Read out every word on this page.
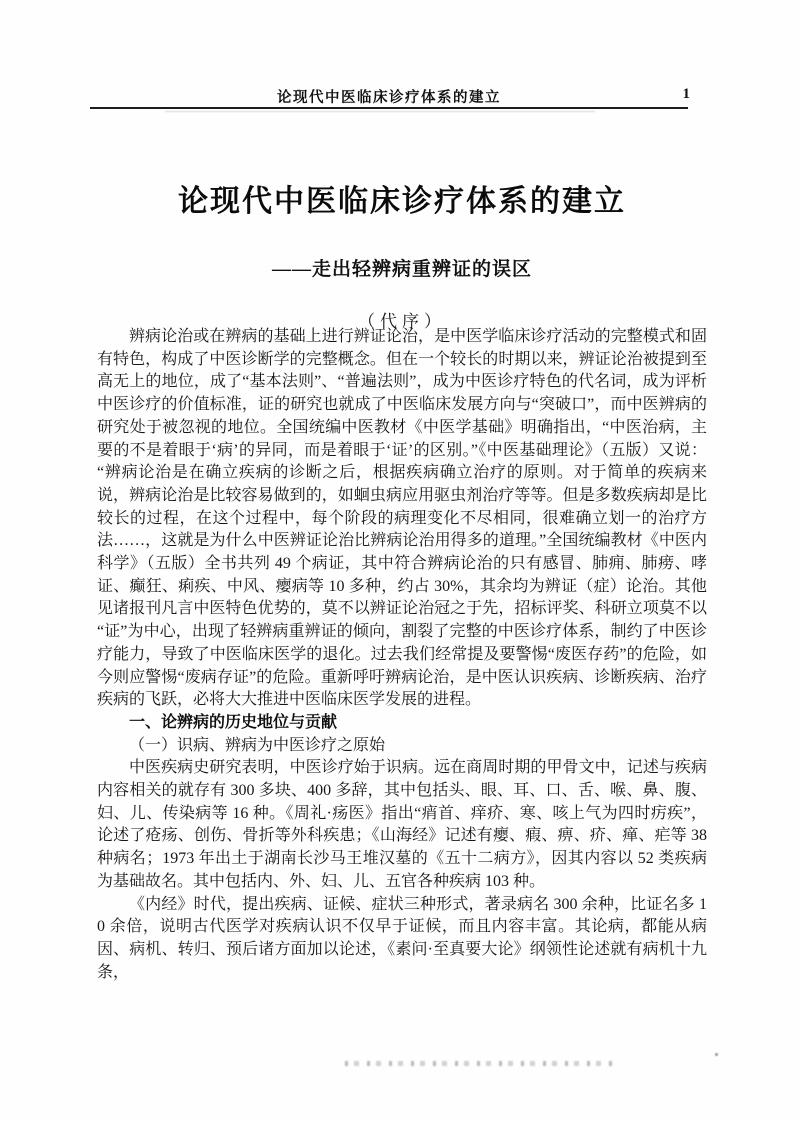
论现代中医临床诊疗体系的建立	1
论现代中医临床诊疗体系的建立
——走出轻辨病重辨证的误区
（代序）

辨病论治或在辨病的基础上进行辨证论治，是中医学临床诊疗活动的完整模式和固有特色，构成了中医诊断学的完整概念。但在一个较长的时期以来，辨证论治被提到至高无上的地位，成了“基本法则”、“普遍法则”，成为中医诊疗特色的代名词，成为评析中医诊疗的价值标准，证的研究也就成了中医临床发展方向与“突破口”，而中医辨病的研究处于被忽视的地位。全国统编中医教材《中医学基础》明确指出，“中医治病，主要的不是着眼于‘病’的异同，而是着眼于‘证’的区别。”《中医基础理论》（五版）又说：“辨病论治是在确立疾病的诊断之后，根据疾病确立治疗的原则。对于简单的疾病来说，辨病论治是比较容易做到的，如蛔虫病应用驱虫剂治疗等等。但是多数疾病却是比较长的过程，在这个过程中，每个阶段的病理变化不尽相同，很难确立划一的治疗方法……，这就是为什么中医辨证论治比辨病论治用得多的道理。”全国统编教材《中医内科学》（五版）全书共列 49 个病证，其中符合辨病论治的只有感冒、肺痈、肺痨、哮证、癫狂、痢疾、中风、瘿病等 10 多种，约占 30%，其余均为辨证（症）论治。其他见诸报刊凡言中医特色优势的，莫不以辨证论治冠之于先，招标评奖、科研立项莫不以“证”为中心，出现了轻辨病重辨证的倾向，割裂了完整的中医诊疗体系，制约了中医诊疗能力，导致了中医临床医学的退化。过去我们经常提及要警惕“废医存药”的危险，如今则应警惕“废病存证”的危险。重新呼吁辨病论治，是中医认识疾病、诊断疾病、治疗疾病的飞跃，必将大大推进中医临床医学发展的进程。

一、论辨病的历史地位与贡献

（一）识病、辨病为中医诊疗之原始

中医疾病史研究表明，中医诊疗始于识病。远在商周时期的甲骨文中，记述与疾病内容相关的就存有 300 多块、400 多辞，其中包括头、眼、耳、口、舌、喉、鼻、腹、妇、儿、传染病等 16 种。《周礼·疡医》指出“痟首、痒疥、寒、咳上气为四时疠疾”，论述了疮疡、创伤、骨折等外科疾患；《山海经》记述有瘿、瘕、痹、疥、瘅、疟等 38 种病名；1973 年出土于湖南长沙马王堆汉墓的《五十二病方》，因其内容以 52 类疾病为基础故名。其中包括内、外、妇、儿、五官各种疾病 103 种。

《内经》时代，提出疾病、证候、症状三种形式，著录病名 300 余种，比证名多 10 余倍，说明古代医学对疾病认识不仅早于证候，而且内容丰富。其论病，都能从病因、病机、转归、预后诸方面加以论述，《素问·至真要大论》纲领性论述就有病机十九条，
